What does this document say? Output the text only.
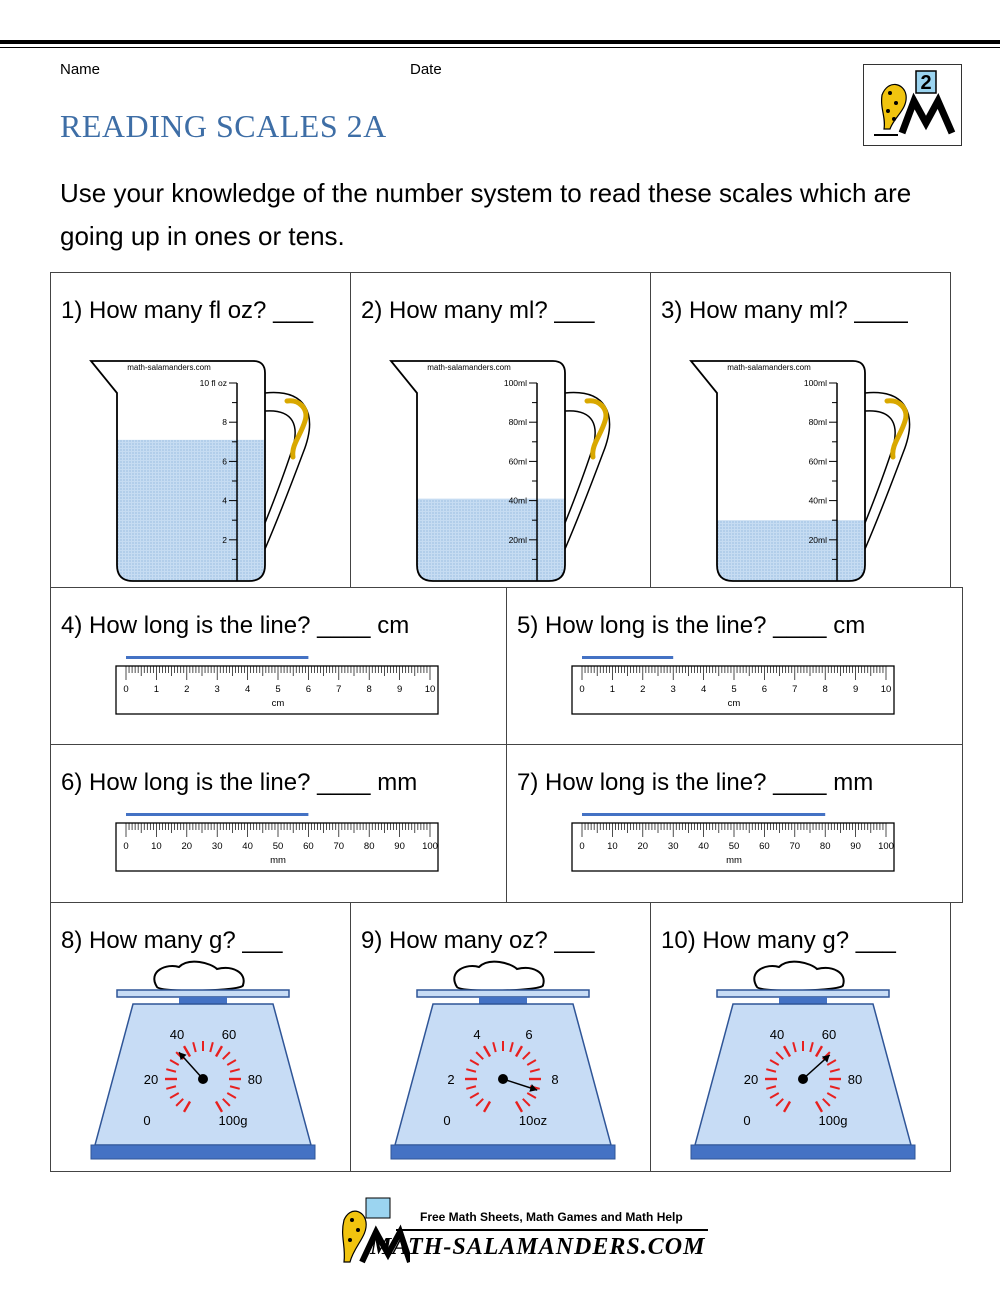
Name	Date
READING SCALES 2A
2
Use your knowledge of the number system to read these scales which are going up in ones or tens.
1) How many fl oz? ___
math-salamanders.com
10 fl oz
8
6
4
2
2) How many ml? ___
math-salamanders.com
100ml
80ml
60ml
40ml
20ml
3) How many ml? ____
math-salamanders.com
100ml
80ml
60ml
40ml
20ml
4) How long is the line? ____ cm
0	1	2	3	4	5	6	7	8	9 10
cm
5) How long is the line? ____ cm
0	1	2	3	4	5	6	7	8	9 10
cm
6) How long is the line? ____ mm
0 10 20 30 40 50 60 70 80 90 100
mm
7) How long is the line? ____ mm
0 10 20 30 40 50 60 70 80 90 100
mm
8) How many g? ___
0
20
40	60
80
100g
9) How many oz? ___
0
2
4	6
8
10oz
10) How many g? ___
0
20
40	60
80
100g
Free Math Sheets, Math Games and Math Help
MATH-SALAMANDERS.COM
